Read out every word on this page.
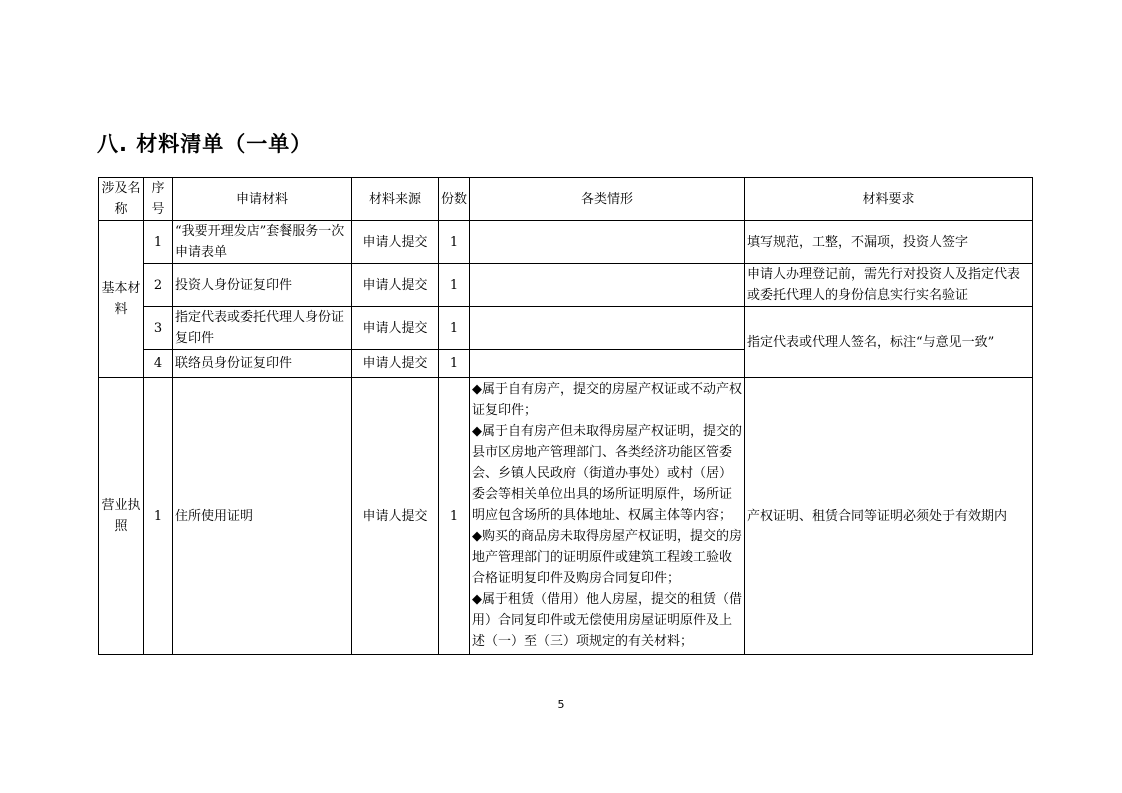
八. 材料清单（一单）
涉及名称	序号	申请材料	材料来源	份数	各类情形	材料要求
基本材料	1	“我要开理发店”套餐服务一次申请表单	申请人提交	1		填写规范，工整，不漏项，投资人签字
	2	投资人身份证复印件	申请人提交	1		申请人办理登记前，需先行对投资人及指定代表或委托代理人的身份信息实行实名验证
	3	指定代表或委托代理人身份证复印件	申请人提交	1		指定代表或代理人签名，标注“与意见一致”
	4	联络员身份证复印件	申请人提交	1		
营业执照	1	住所使用证明	申请人提交	1	◆属于自有房产，提交的房屋产权证或不动产权证复印件；
◆属于自有房产但未取得房屋产权证明，提交的县市区房地产管理部门、各类经济功能区管委会、乡镇人民政府（街道办事处）或村（居）委会等相关单位出具的场所证明原件，场所证明应包含场所的具体地址、权属主体等内容；
◆购买的商品房未取得房屋产权证明，提交的房地产管理部门的证明原件或建筑工程竣工验收合格证明复印件及购房合同复印件；
◆属于租赁（借用）他人房屋，提交的租赁（借用）合同复印件或无偿使用房屋证明原件及上述（一）至（三）项规定的有关材料；	产权证明、租赁合同等证明必须处于有效期内
5
